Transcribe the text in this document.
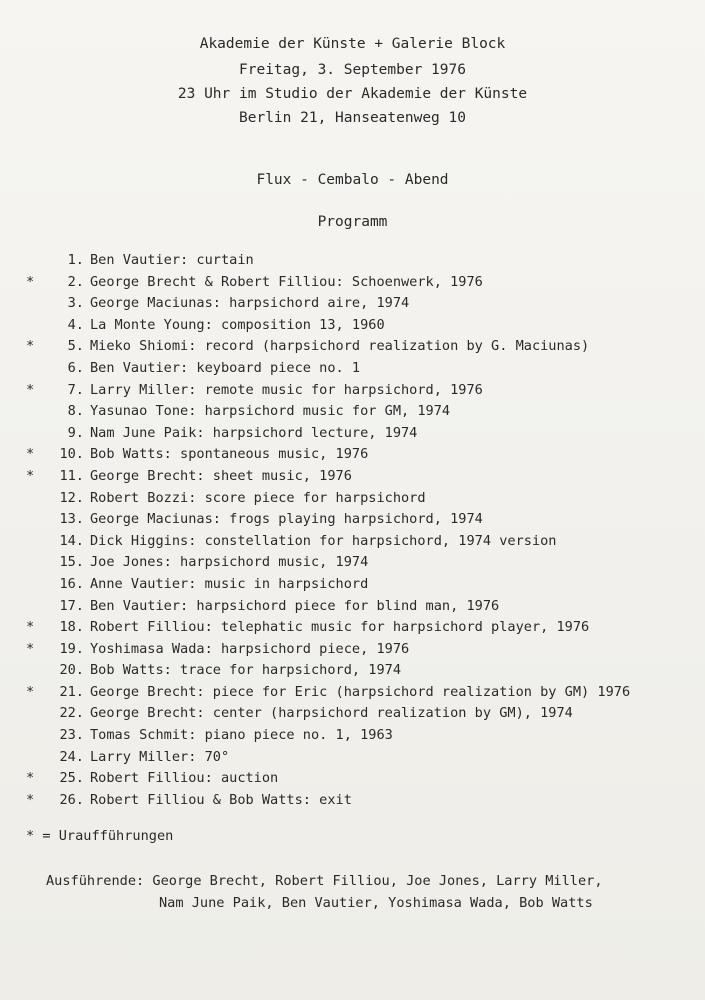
Akademie der Künste + Galerie Block
Freitag, 3. September 1976
23 Uhr im Studio der Akademie der Künste
Berlin 21, Hanseatenweg 10
Flux - Cembalo - Abend
Programm
1. Ben Vautier: curtain
*	2. George Brecht & Robert Filliou: Schoenwerk, 1976
3. George Maciunas: harpsichord aire, 1974
4. La Monte Young: composition 13, 1960
*	5. Mieko Shiomi: record (harpsichord realization by G. Maciunas)
6. Ben Vautier: keyboard piece no. 1
*	7. Larry Miller: remote music for harpsichord, 1976
8. Yasunao Tone: harpsichord music for GM, 1974
9. Nam June Paik: harpsichord lecture, 1974
*	10. Bob Watts: spontaneous music, 1976
*	11. George Brecht: sheet music, 1976
12. Robert Bozzi: score piece for harpsichord
13. George Maciunas: frogs playing harpsichord, 1974
14. Dick Higgins: constellation for harpsichord, 1974 version
15. Joe Jones: harpsichord music, 1974
16. Anne Vautier: music in harpsichord
17. Ben Vautier: harpsichord piece for blind man, 1976
*	18. Robert Filliou: telephatic music for harpsichord player, 1976
*	19. Yoshimasa Wada: harpsichord piece, 1976
20. Bob Watts: trace for harpsichord, 1974
*	21. George Brecht: piece for Eric (harpsichord realization by GM) 1976
22. George Brecht: center (harpsichord realization by GM), 1974
23. Tomas Schmit: piano piece no. 1, 1963
24. Larry Miller: 70°
*	25. Robert Filliou: auction
*	26. Robert Filliou & Bob Watts: exit
* = Uraufführungen
Ausführende: George Brecht, Robert Filliou, Joe Jones, Larry Miller,
Nam June Paik, Ben Vautier, Yoshimasa Wada, Bob Watts
